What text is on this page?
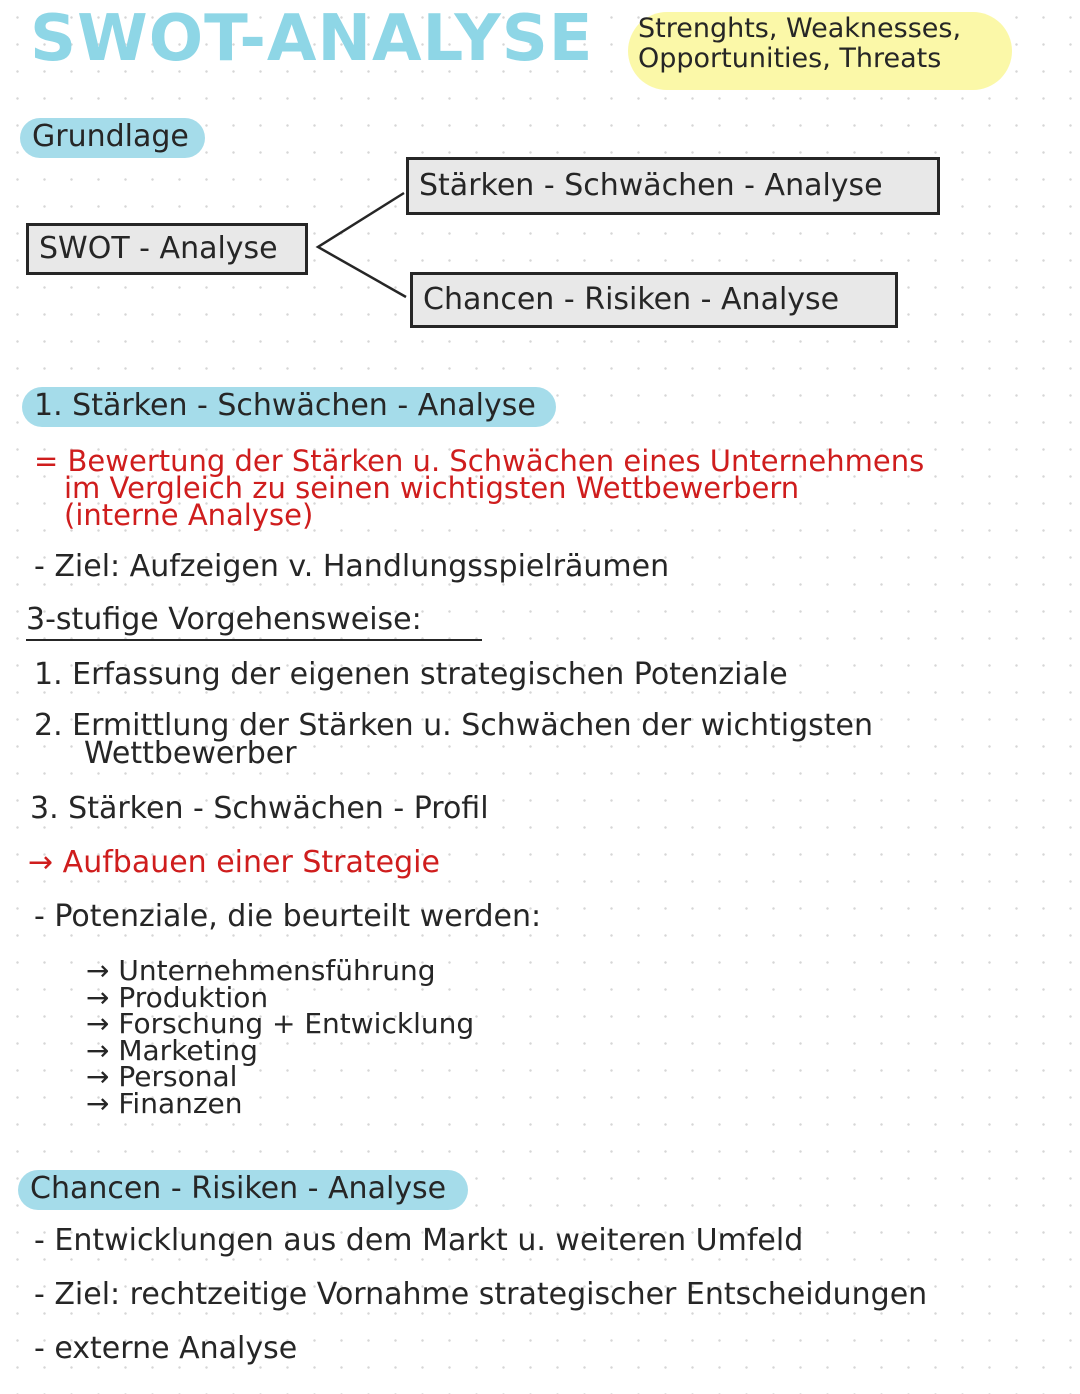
SWOT-ANALYSE Strenghts, Weaknesses,
Opportunities, Threats
Grundlage
SWOT - Analyse
Stärken - Schwächen - Analyse
Chancen - Risiken - Analyse
1. Stärken - Schwächen - Analyse
= Bewertung der Stärken u. Schwächen eines Unternehmens
im Vergleich zu seinen wichtigsten Wettbewerbern
(interne Analyse)
- Ziel: Aufzeigen v. Handlungsspielräumen
3-stufige Vorgehensweise:
1. Erfassung der eigenen strategischen Potenziale
2. Ermittlung der Stärken u. Schwächen der wichtigsten
Wettbewerber
3. Stärken - Schwächen - Profil
→ Aufbauen einer Strategie
- Potenziale, die beurteilt werden:
→ Unternehmensführung
→ Produktion
→ Forschung + Entwicklung
→ Marketing
→ Personal
→ Finanzen
Chancen - Risiken - Analyse
- Entwicklungen aus dem Markt u. weiteren Umfeld
- Ziel: rechtzeitige Vornahme strategischer Entscheidungen
- externe Analyse
